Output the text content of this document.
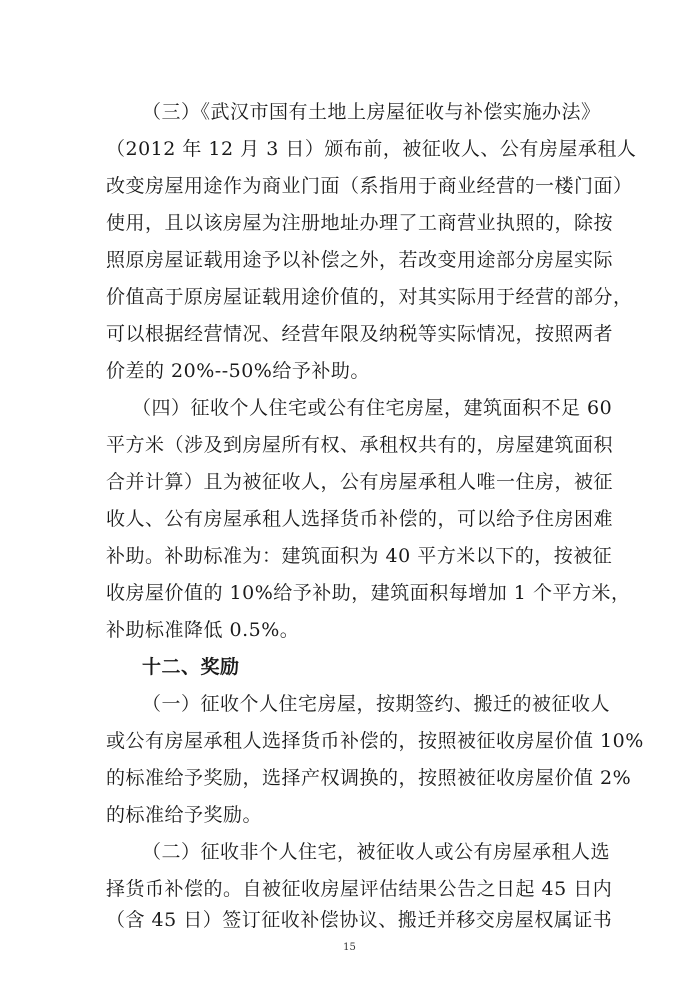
（三）《武汉市国有土地上房屋征收与补偿实施办法》
（2012 年 12 月 3 日）颁布前，被征收人、公有房屋承租人
改变房屋用途作为商业门面（系指用于商业经营的一楼门面）
使用，且以该房屋为注册地址办理了工商营业执照的，除按
照原房屋证载用途予以补偿之外，若改变用途部分房屋实际
价值高于原房屋证载用途价值的，对其实际用于经营的部分，
可以根据经营情况、经营年限及纳税等实际情况，按照两者
价差的 20%--50%给予补助。
（四）征收个人住宅或公有住宅房屋，建筑面积不足 60
平方米（涉及到房屋所有权、承租权共有的，房屋建筑面积
合并计算）且为被征收人，公有房屋承租人唯一住房，被征
收人、公有房屋承租人选择货币补偿的，可以给予住房困难
补助。补助标准为：建筑面积为 40 平方米以下的，按被征
收房屋价值的 10%给予补助，建筑面积每增加 1 个平方米，
补助标准降低 0.5%。
十二、奖励
（一）征收个人住宅房屋，按期签约、搬迁的被征收人
或公有房屋承租人选择货币补偿的，按照被征收房屋价值 10%
的标准给予奖励，选择产权调换的，按照被征收房屋价值 2%
的标准给予奖励。
（二）征收非个人住宅，被征收人或公有房屋承租人选
择货币补偿的。自被征收房屋评估结果公告之日起 45 日内
（含 45 日）签订征收补偿协议、搬迁并移交房屋权属证书
15
